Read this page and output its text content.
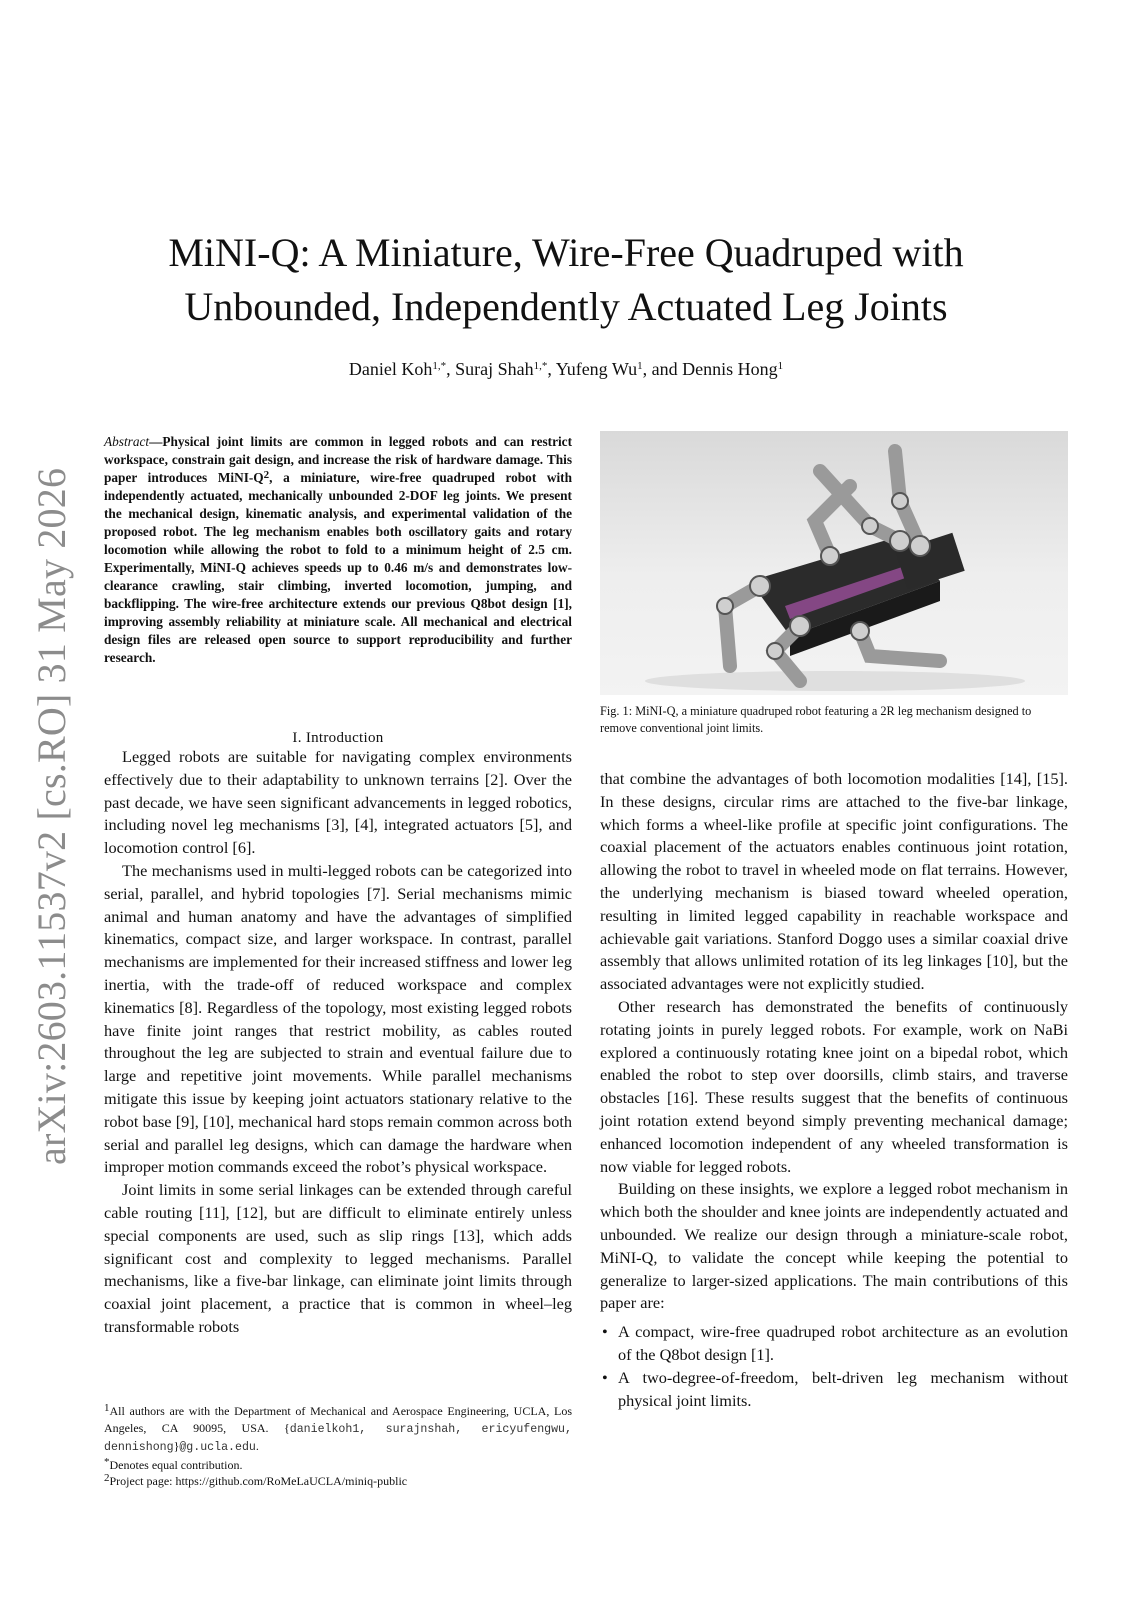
arXiv:2603.11537v2 [cs.RO] 31 May 2026
MiNI-Q: A Miniature, Wire-Free Quadruped with
Unbounded, Independently Actuated Leg Joints
Daniel Koh$^{1,*}$, Suraj Shah$^{1,*}$, Yufeng Wu$^1$, and Dennis Hong$^1$
Abstract—Physical joint limits are common in legged robots and can restrict workspace, constrain gait design, and increase the risk of hardware damage. This paper introduces MiNI-$Q^2$, a miniature, wire-free quadruped robot with independently actuated, mechanically unbounded 2-DOF leg joints. We present the mechanical design, kinematic analysis, and experimental validation of the proposed robot. The leg mechanism enables both oscillatory gaits and rotary locomotion while allowing the robot to fold to a minimum height of 2.5 cm. Experimentally, MiNI-Q achieves speeds up to 0.46 m/s and demonstrates low-clearance crawling, stair climbing, inverted locomotion, jumping, and backflipping. The wire-free architecture extends our previous Q8bot design [1], improving assembly reliability at miniature scale. All mechanical and electrical design files are released open source to support reproducibility and further research.
I. Introduction

Legged robots are suitable for navigating complex environments effectively due to their adaptability to unknown terrains [2]. Over the past decade, we have seen significant advancements in legged robotics, including novel leg mechanisms [3], [4], integrated actuators [5], and locomotion control [6].

The mechanisms used in multi-legged robots can be categorized into serial, parallel, and hybrid topologies [7]. Serial mechanisms mimic animal and human anatomy and have the advantages of simplified kinematics, compact size, and larger workspace. In contrast, parallel mechanisms are implemented for their increased stiffness and lower leg inertia, with the trade-off of reduced workspace and complex kinematics [8]. Regardless of the topology, most existing legged robots have finite joint ranges that restrict mobility, as cables routed throughout the leg are subjected to strain and eventual failure due to large and repetitive joint movements. While parallel mechanisms mitigate this issue by keeping joint actuators stationary relative to the robot base [9], [10], mechanical hard stops remain common across both serial and parallel leg designs, which can damage the hardware when improper motion commands exceed the robot’s physical workspace.

Joint limits in some serial linkages can be extended through careful cable routing [11], [12], but are difficult to eliminate entirely unless special components are used, such as slip rings [13], which adds significant cost and complexity to legged mechanisms. Parallel mechanisms, like a five-bar linkage, can eliminate joint limits through coaxial joint placement, a practice that is common in wheel–leg transformable robots

Fig. 1: MiNI-Q, a miniature quadruped robot featuring a 2R leg mechanism designed to remove conventional joint limits.

that combine the advantages of both locomotion modalities [14], [15]. In these designs, circular rims are attached to the five-bar linkage, which forms a wheel-like profile at specific joint configurations. The coaxial placement of the actuators enables continuous joint rotation, allowing the robot to travel in wheeled mode on flat terrains. However, the underlying mechanism is biased toward wheeled operation, resulting in limited legged capability in reachable workspace and achievable gait variations. Stanford Doggo uses a similar coaxial drive assembly that allows unlimited rotation of its leg linkages [10], but the associated advantages were not explicitly studied.

Other research has demonstrated the benefits of continuously rotating joints in purely legged robots. For example, work on NaBi explored a continuously rotating knee joint on a bipedal robot, which enabled the robot to step over doorsills, climb stairs, and traverse obstacles [16]. These results suggest that the benefits of continuous joint rotation extend beyond simply preventing mechanical damage; enhanced locomotion independent of any wheeled transformation is now viable for legged robots.

Building on these insights, we explore a legged robot mechanism in which both the shoulder and knee joints are independently actuated and unbounded. We realize our design through a miniature-scale robot, MiNI-Q, to validate the concept while keeping the potential to generalize to larger-sized applications. The main contributions of this paper are:

• A compact, wire-free quadruped robot architecture as an evolution of the Q8bot design [1].
• A two-degree-of-freedom, belt-driven leg mechanism without physical joint limits.
$^1$All authors are with the Department of Mechanical and Aerospace Engineering, UCLA, Los Angeles, CA 90095, USA. {danielkoh1, surajnshah, ericyufengwu, dennishong}@g.ucla.edu.
*Denotes equal contribution.
$^2$Project page: https://github.com/RoMeLaUCLA/miniq-public
